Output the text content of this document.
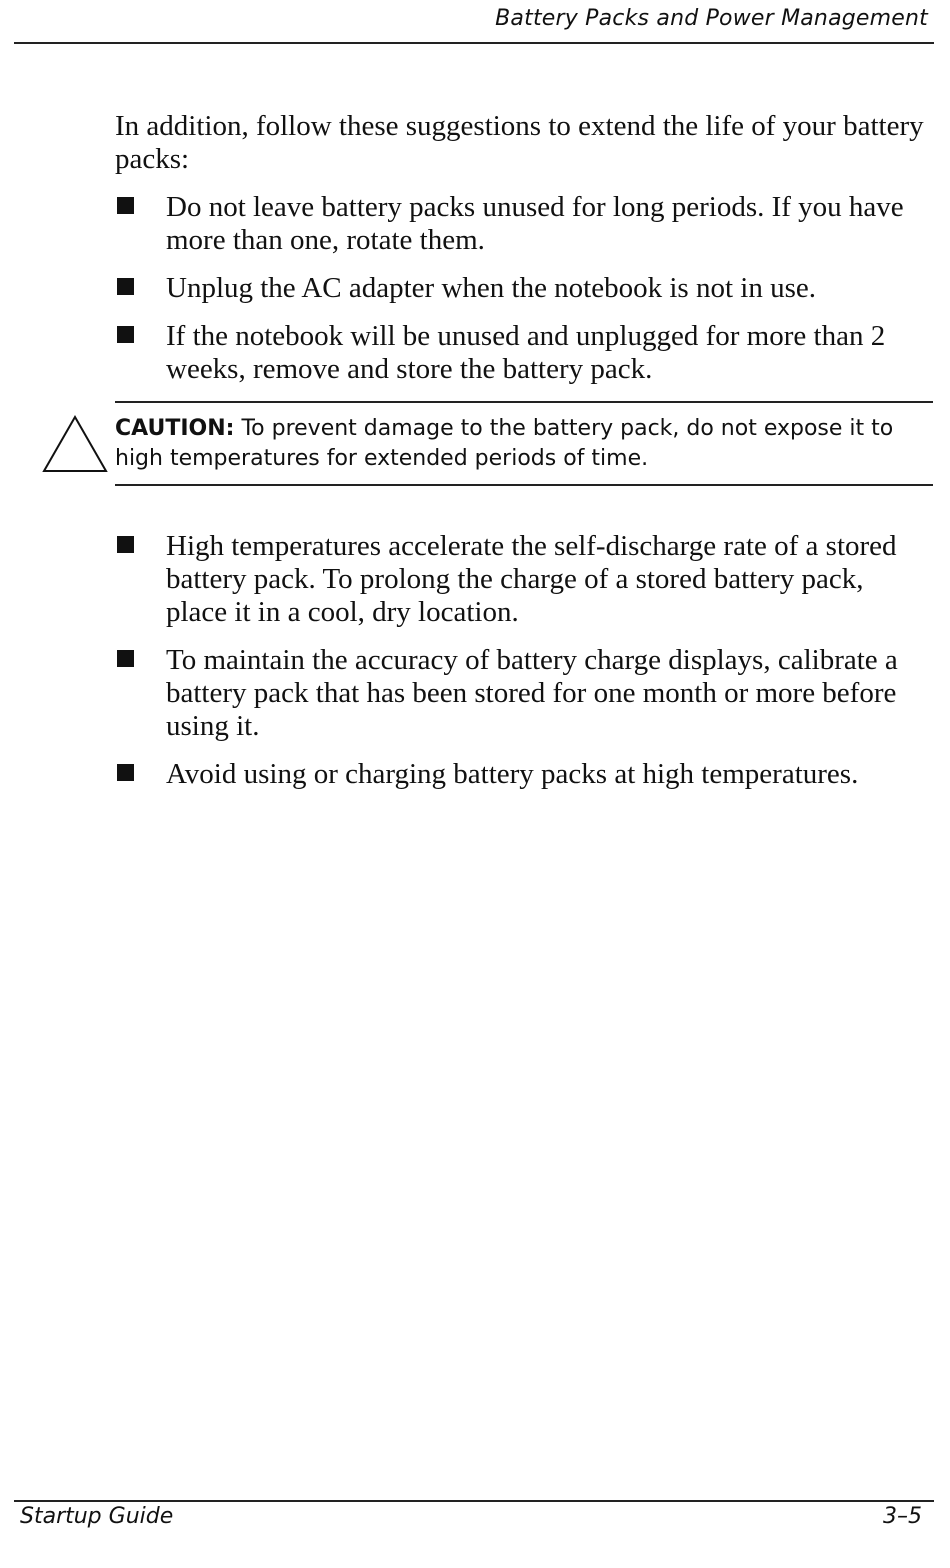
Battery Packs and Power Management

In addition, follow these suggestions to extend the life of your battery packs:

Do not leave battery packs unused for long periods. If you have more than one, rotate them.
Unplug the AC adapter when the notebook is not in use.
If the notebook will be unused and unplugged for more than 2 weeks, remove and store the battery pack.
CAUTION: To prevent damage to the battery pack, do not expose it to high temperatures for extended periods of time.
High temperatures accelerate the self-discharge rate of a stored battery pack. To prolong the charge of a stored battery pack, place it in a cool, dry location.
To maintain the accuracy of battery charge displays, calibrate a battery pack that has been stored for one month or more before using it.
Avoid using or charging battery packs at high temperatures.
Startup Guide	3–5
